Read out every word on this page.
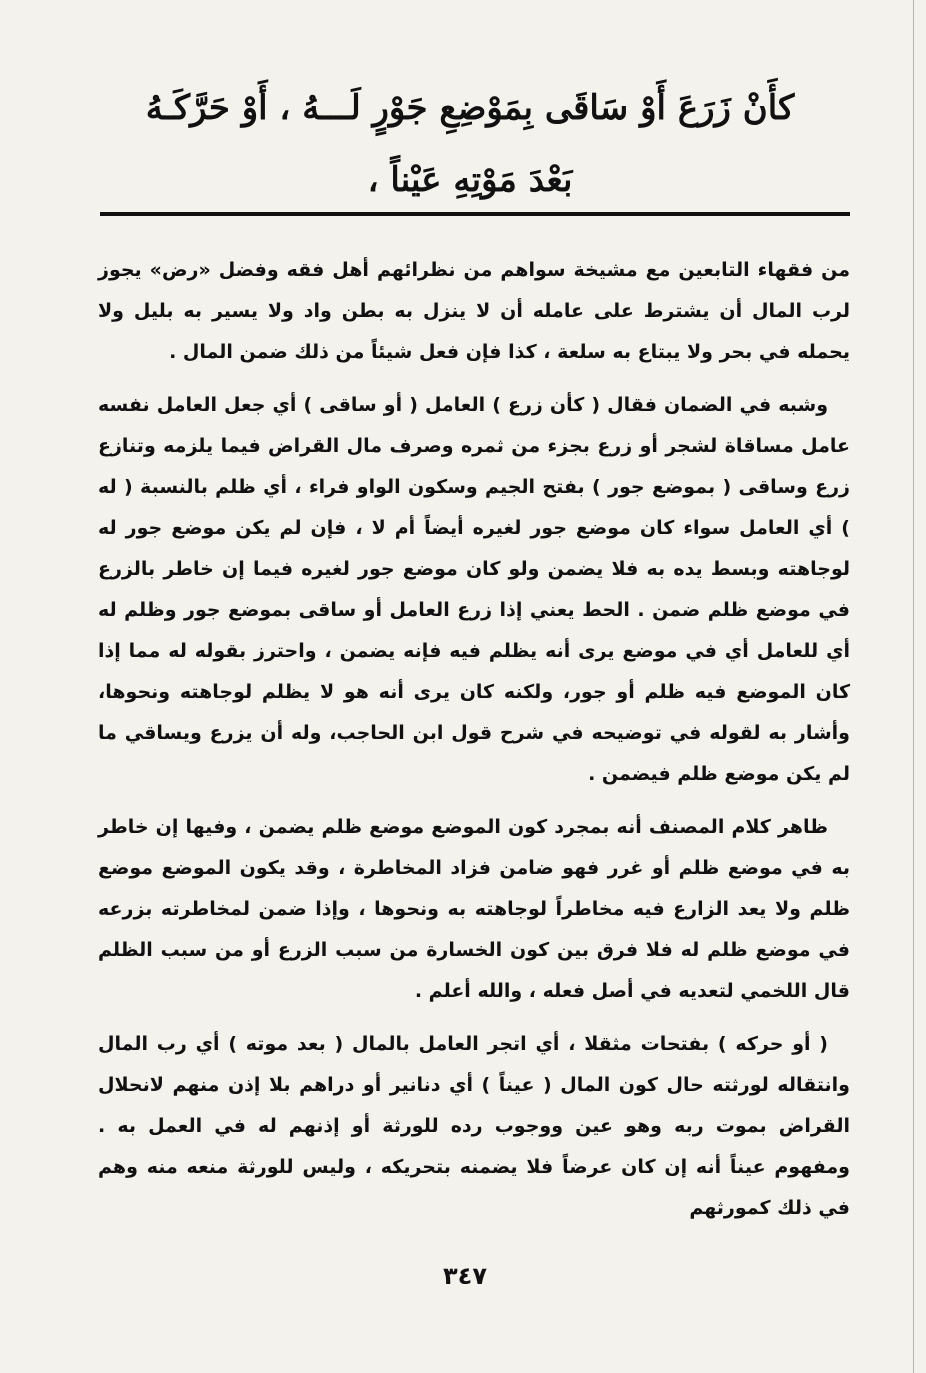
كأَنْ زَرَعَ أَوْ سَاقَى بِمَوْضِعِ جَوْرٍ لَـــهُ ، أَوْ حَرَّكَـهُ
بَعْدَ مَوْتِهِ عَيْناً ،

من فقهاء التابعين مع مشيخة سواهم من نظرائهم أهل فقه وفضل «رض» يجوز لرب المال أن يشترط على عامله أن لا ينزل به بطن واد ولا يسير به بليل ولا يحمله في بحر ولا يبتاع به سلعة ، كذا فإن فعل شيئاً من ذلك ضمن المال .

وشبه في الضمان فقال ( كأن زرع ) العامل ( أو ساقى ) أي جعل العامل نفسه عامل مساقاة لشجر أو زرع بجزء من ثمره وصرف مال القراض فيما يلزمه وتنازع زرع وساقى ( بموضع جور ) بفتح الجيم وسكون الواو فراء ، أي ظلم بالنسبة ( له ) أي العامل سواء كان موضع جور لغيره أيضاً أم لا ، فإن لم يكن موضع جور له لوجاهته وبسط يده به فلا يضمن ولو كان موضع جور لغيره فيما إن خاطر بالزرع في موضع ظلم ضمن . الحط يعني إذا زرع العامل أو ساقى بموضع جور وظلم له أي للعامل أي في موضع يرى أنه يظلم فيه فإنه يضمن ، واحترز بقوله له مما إذا كان الموضع فيه ظلم أو جور، ولكنه كان يرى أنه هو لا يظلم لوجاهته ونحوها، وأشار به لقوله في توضيحه في شرح قول ابن الحاجب، وله أن يزرع ويساقي ما لم يكن موضع ظلم فيضمن .

ظاهر كلام المصنف أنه بمجرد كون الموضع موضع ظلم يضمن ، وفيها إن خاطر به في موضع ظلم أو غرر فهو ضامن فزاد المخاطرة ، وقد يكون الموضع موضع ظلم ولا يعد الزارع فيه مخاطراً لوجاهته به ونحوها ، وإذا ضمن لمخاطرته بزرعه في موضع ظلم له فلا فرق بين كون الخسارة من سبب الزرع أو من سبب الظلم قال اللخمي لتعديه في أصل فعله ، والله أعلم .

( أو حركه ) بفتحات مثقلا ، أي اتجر العامل بالمال ( بعد موته ) أي رب المال وانتقاله لورثته حال كون المال ( عيناً ) أي دنانير أو دراهم بلا إذن منهم لانحلال القراض بموت ربه وهو عين ووجوب رده للورثة أو إذنهم له في العمل به . ومفهوم عيناً أنه إن كان عرضاً فلا يضمنه بتحريكه ، وليس للورثة منعه منه وهم في ذلك كمورثهم

٣٤٧
